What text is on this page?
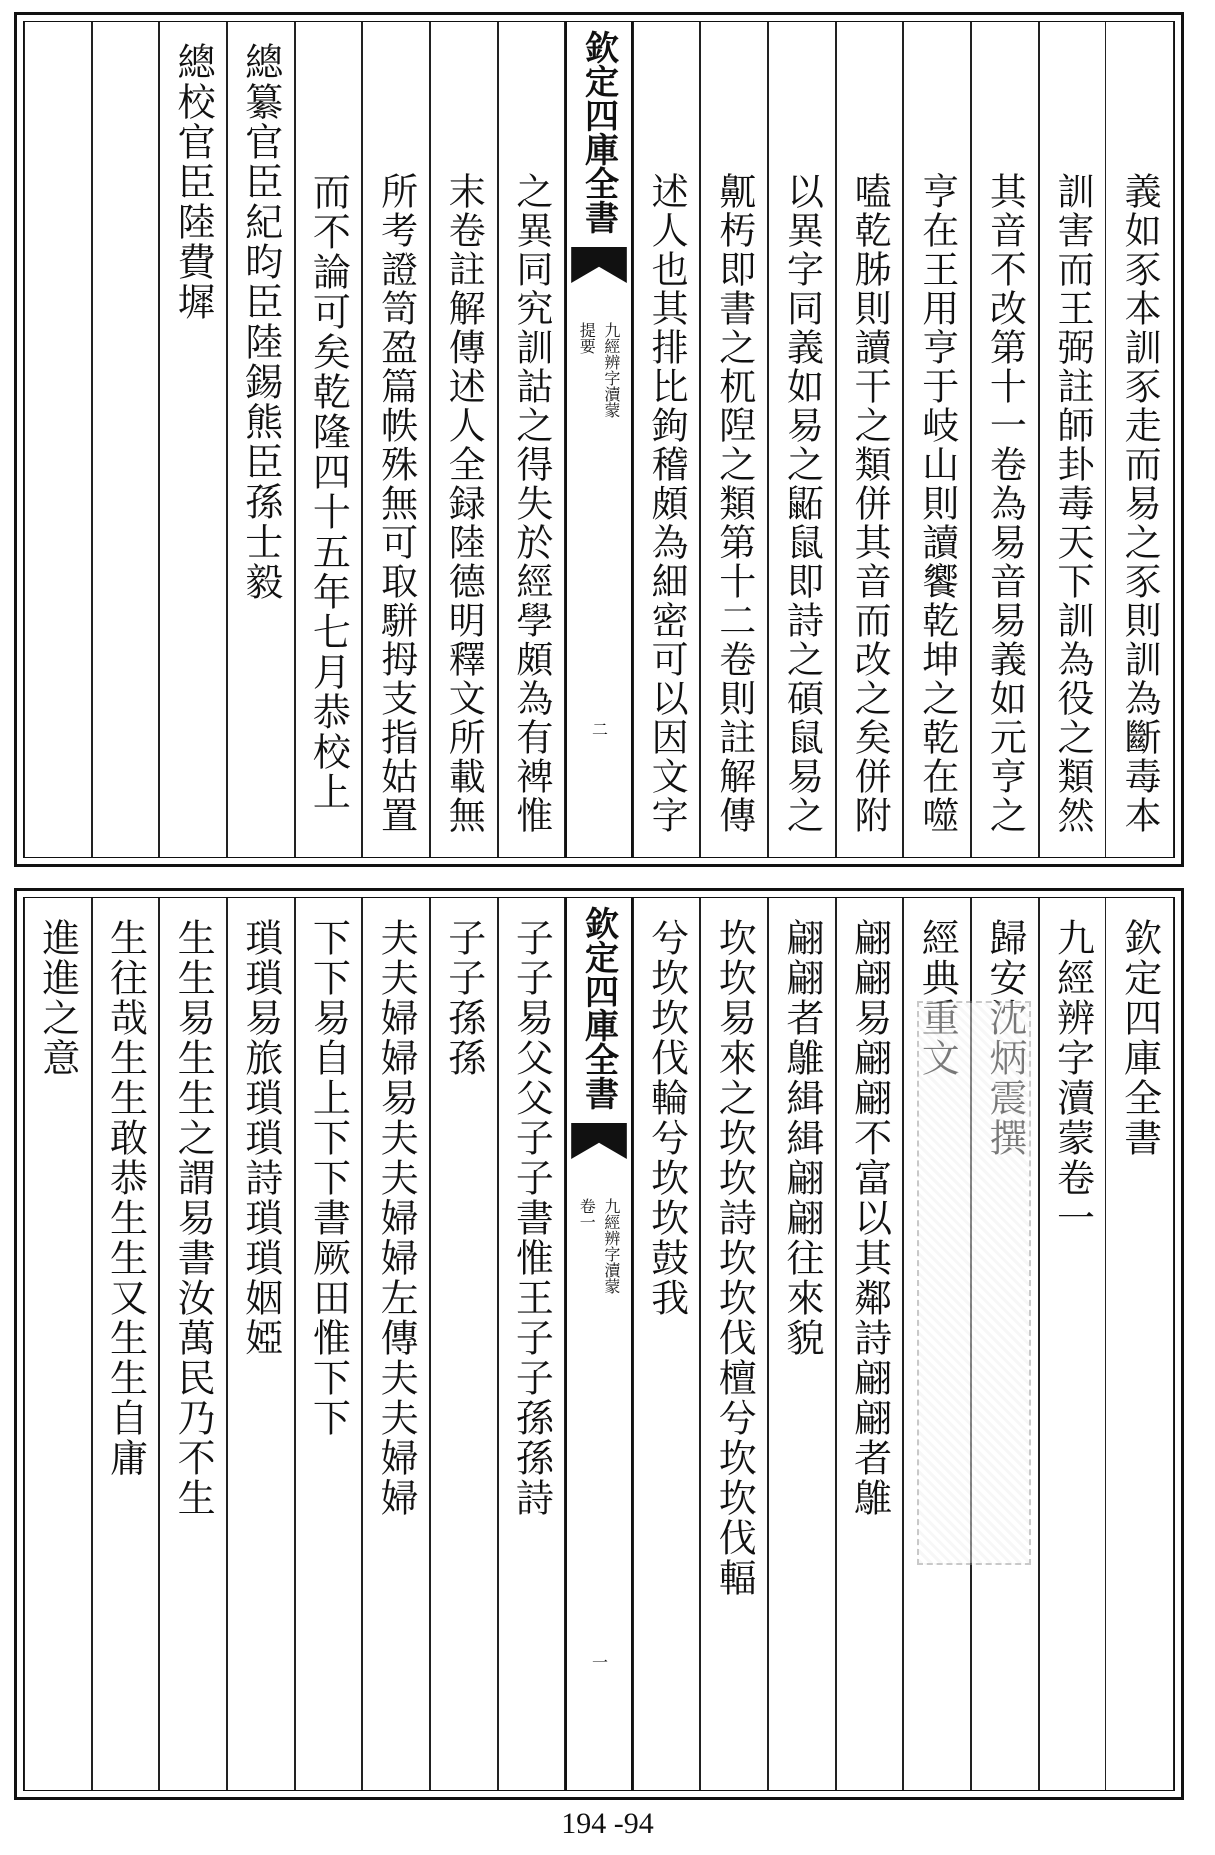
義如豕本訓豕走而易之豕則訓為斷毒本
訓害而王弼註師卦毒天下訓為役之類然
其音不改第十一卷為易音易義如元亨之
亨在王用亨于岐山則讀饗乾坤之乾在噬
嗑乾胏則讀干之類併其音而改之矣併附
以異字同義如易之鼫鼠即詩之碩鼠易之
鼿𣏓即書之杌隉之類第十二卷則註解傳
述人也其排比鉤稽頗為細密可以因文字
欽定四庫全書
九經辨字瀆蒙
提要
二
之異同究訓詁之得失於經學頗為有裨惟
末卷註解傳述人全録陸德明釋文所載無
所考證笥盈篇帙殊無可取駢拇支指姑置
而不論可矣乾隆四十五年七月恭校上
總纂官臣紀昀臣陸錫熊臣孫士毅
總校官臣陸費墀
欽定四庫全書
九經辨字瀆蒙卷一
歸安沈炳震撰
經典重文
翩翩易翩翩不富以其鄰詩翩翩者鵻
翩翩者鵻緝緝翩翩往來貌
坎坎易來之坎坎詩坎坎伐檀兮坎坎伐輻
兮坎坎伐輪兮坎坎鼓我
欽定四庫全書
九經辨字瀆蒙
卷一
一
子子易父父子子書惟王子子孫孫詩
子子孫孫
夫夫婦婦易夫夫婦婦左傳夫夫婦婦
下下易自上下下書厥田惟下下
瑣瑣易旅瑣瑣詩瑣瑣姻婭
生生易生生之謂易書汝萬民乃不生
生往哉生生敢恭生生又生生自庸
進進之意
194 -94
